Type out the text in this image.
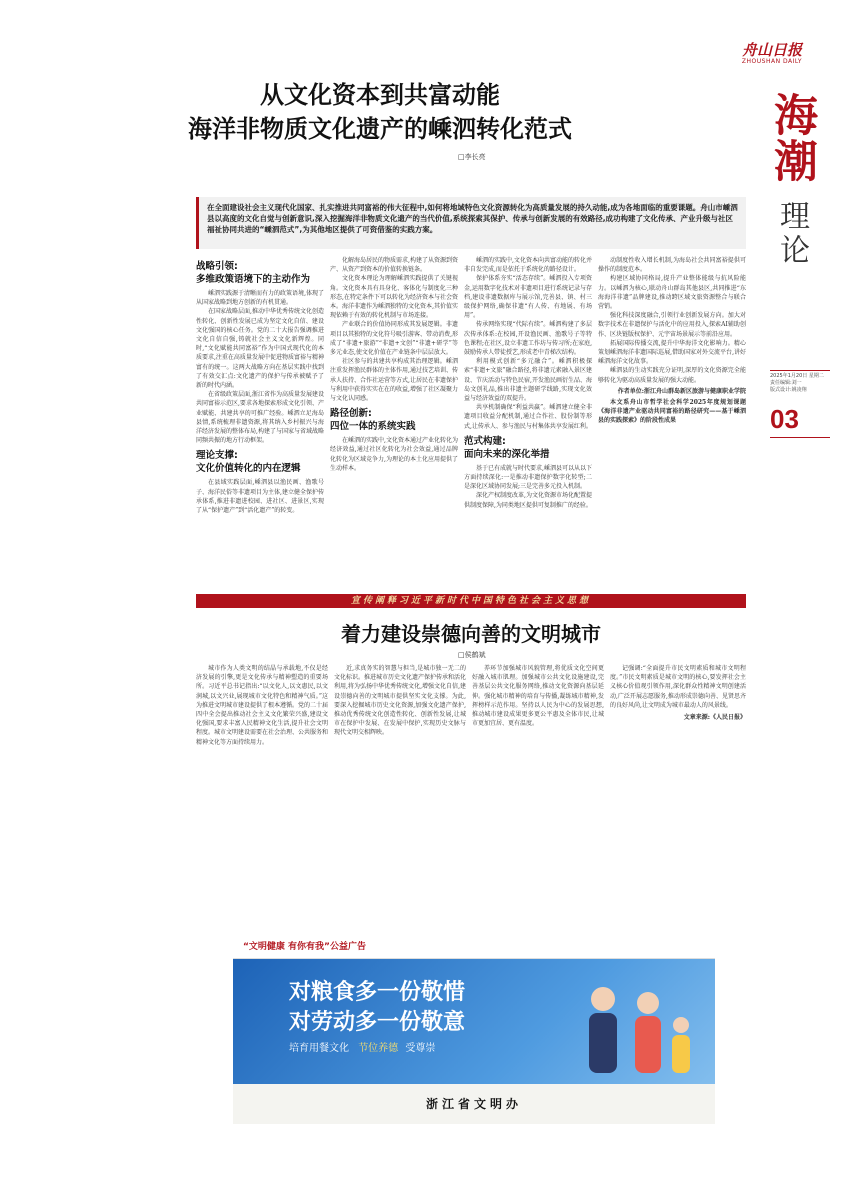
舟山日报
ZHOUSHAN DAILY
海潮
理论
2025年1月20日 星期二
责任编辑:刘一
版式设计:姚凌翔
03
从文化资本到共富动能
海洋非物质文化遗产的嵊泗转化范式
□李长亮
在全面建设社会主义现代化国家、扎实推进共同富裕的伟大征程中,如何将地域特色文化资源转化为高质量发展的持久动能,成为各地面临的重要课题。舟山市嵊泗县以高度的文化自觉与创新意识,深入挖掘海洋非物质文化遗产的当代价值,系统探索其保护、传承与创新发展的有效路径,成功构建了文化传承、产业升级与社区福祉协同共进的“嵊泗范式”,为其他地区提供了可资借鉴的实践方案。
战略引领:
多维政策语境下的主动作为

嵊泗实践源于清晰而有力的政策语境,体现了从国家战略到地方创新的有机贯通。

在国家战略层面,推动中华优秀传统文化创造性转化、创新性发展已成为坚定文化自信、建设文化强国的核心任务。党的二十大报告强调推进文化自信自强,铸就社会主义文化新辉煌。同时,“文化赋能共同富裕”作为中国式现代化的本质要求,注重在高质量发展中促进物质富裕与精神富有的统一。这两大战略方向在基层实践中找到了有效交汇点:文化遗产的保护与传承被赋予了新的时代内涵。

在省级政策层面,浙江省作为高质量发展建设共同富裕示范区,要求各地探索形成文化引领、产业赋能、共建共享的可推广经验。嵊泗立足海岛县情,系统梳理非遗资源,将其纳入乡村振兴与海洋经济发展的整体布局,构建了与国家与省域战略同频共振的地方行动框架。

理论支撑:
文化价值转化的内在逻辑

在县域实践层面,嵊泗县以渔民画、渔歌号子、海洋民俗等非遗项目为主体,建立健全保护传承体系,推进非遗进校园、进社区、进景区,实现了从“保护遗产”到“活化遗产”的转变。

化解海岛居民的物质需求,构建了从资源到资产、从资产到资本的价值转换链条。

文化资本理论为理解嵊泗实践提供了关键视角。文化资本具有具身化、客体化与制度化三种形态,在特定条件下可以转化为经济资本与社会资本。海洋非遗作为嵊泗独特的文化资本,其价值实现依赖于有效的转化机制与市场连接。

产业联合的价值协同形成其发展逻辑。非遗项目以其独特的文化符号吸引游客、带动消费,形成了“非遗+旅游”“非遗+文创”“非遗+研学”等多元业态,使文化价值在产业链条中层层放大。

社区参与的共建共享构成其治理逻辑。嵊泗注重发挥渔民群体的主体作用,通过技艺培训、传承人扶持、合作社运营等方式,让居民在非遗保护与利用中获得实实在在的收益,增强了社区凝聚力与文化认同感。

路径创新:
四位一体的系统实践

在嵊泗的实践中,文化资本通过产业化转化为经济效益,通过社区化转化为社会效益,通过品牌化转化为区域竞争力,为理论的本土化应用提供了生动样本。

嵊泗的实践中,文化资本向共富动能的转化并非自发完成,而是依托于系统化的路径设计。

保护体系夯实“活态存续”。嵊泗投入专项资金,运用数字化技术对非遗项目进行系统记录与存档,建设非遗数据库与展示馆,完善县、镇、村三级保护网络,确保非遗“有人传、有地展、有场用”。

传承网络实现“代际有续”。嵊泗构建了多层次传承体系:在校园,开设渔民画、渔歌号子等特色课程;在社区,设立非遗工作坊与传习所;在家庭,鼓励传承人带徒授艺,形成老中青梯次结构。

利用模式创新“多元融合”。嵊泗积极探索“非遗+文旅”融合路径,将非遗元素融入景区建设、节庆活动与特色民宿,开发渔民画衍生品、海岛文创礼品,推出非遗主题研学线路,实现文化效益与经济效益的双提升。

共享机制确保“利益共赢”。嵊泗建立健全非遗项目收益分配机制,通过合作社、股份制等形式,让传承人、参与渔民与村集体共享发展红利。

范式构建:
面向未来的深化举措

基于已有成就与时代要求,嵊泗县可以从以下方面持续深化:一是推动非遗保护数字化转型;二是深化区域协同发展;三是完善多元投入机制。

深化产权制度改革,为文化资源市场化配置提供制度保障,为同类地区提供可复制推广的经验。

动制度性收入增长机制,为海岛社会共同富裕提供可操作的制度范本。

构建区域协同格局,提升产业整体能级与抗风险能力。以嵊泗为核心,联动舟山群岛其他县区,共同推进“东海海洋非遗”品牌建设,推动跨区域文旅资源整合与联合营销。

强化科技深度融合,引领行业创新发展方向。加大对数字技术在非遗保护与活化中的应用投入,探索AI辅助创作、区块链版权保护、元宇宙场景展示等前沿应用。

拓展国际传播交流,提升中华海洋文化影响力。精心策划嵊泗海洋非遗国际巡展,借助国家对外交流平台,讲好嵊泗海洋文化故事。

嵊泗县的生动实践充分证明,深厚的文化资源完全能够转化为驱动高质量发展的强大动能。

作者单位:浙江舟山群岛新区旅游与健康职业学院

本文系舟山市哲学社会科学2025年度规划课题《海洋非遗产业驱动共同富裕的路径研究——基于嵊泗县的实践探索》的阶段性成果

宣传阐释习近平新时代中国特色社会主义思想
着力建设崇德向善的文明城市
□侯鹤斌

城市作为人类文明的结晶与承载地,不仅是经济发展的引擎,更是文化传承与精神塑造的重要场所。习近平总书记指出:“以文化人,以文惠民,以文润城,以文兴业,展现城市文化特色和精神气质。”这为推进文明城市建设提供了根本遵循。党的二十届四中全会提出推动社会主义文化繁荣兴盛,建设文化强国,要求丰富人民精神文化生活,提升社会文明程度。城市文明建设需要在社会治理、公共服务和精神文化等方面持续用力。

近,求真务实的智慧与担当,是城市独一无二的文化标识。推进城市历史文化遗产保护传承和活化利用,将为弘扬中华优秀传统文化,增强文化自信,建设崇德向善的文明城市提供坚实文化支撑。为此,要深入挖掘城市历史文化资源,加强文化遗产保护,推动优秀传统文化创造性转化、创新性发展,让城市在保护中发展、在发展中保护,实现历史文脉与现代文明交相辉映。

养环节加强城市风貌管理,将优质文化空间更好融入城市肌理。加强城市公共文化设施建设,完善基层公共文化服务网络,推动文化资源向基层延伸。强化城市精神的培育与传播,凝练城市精神,发挥榜样示范作用。坚持以人民为中心的发展思想,推动城市建设成果更多更公平惠及全体市民,让城市更加宜居、更有温度。

记强调:“全面提升市民文明素质和城市文明程度。”市民文明素质是城市文明的核心,要发挥社会主义核心价值观引领作用,深化群众性精神文明创建活动,广泛开展志愿服务,推动形成崇德向善、见贤思齐的良好风尚,让文明成为城市最动人的风景线。

文章来源:《人民日报》

“文明健康 有你有我”公益广告
对粮食多一份敬惜
对劳动多一份敬意
培育用餐文化 节位养德 受尊崇
浙江省文明办
